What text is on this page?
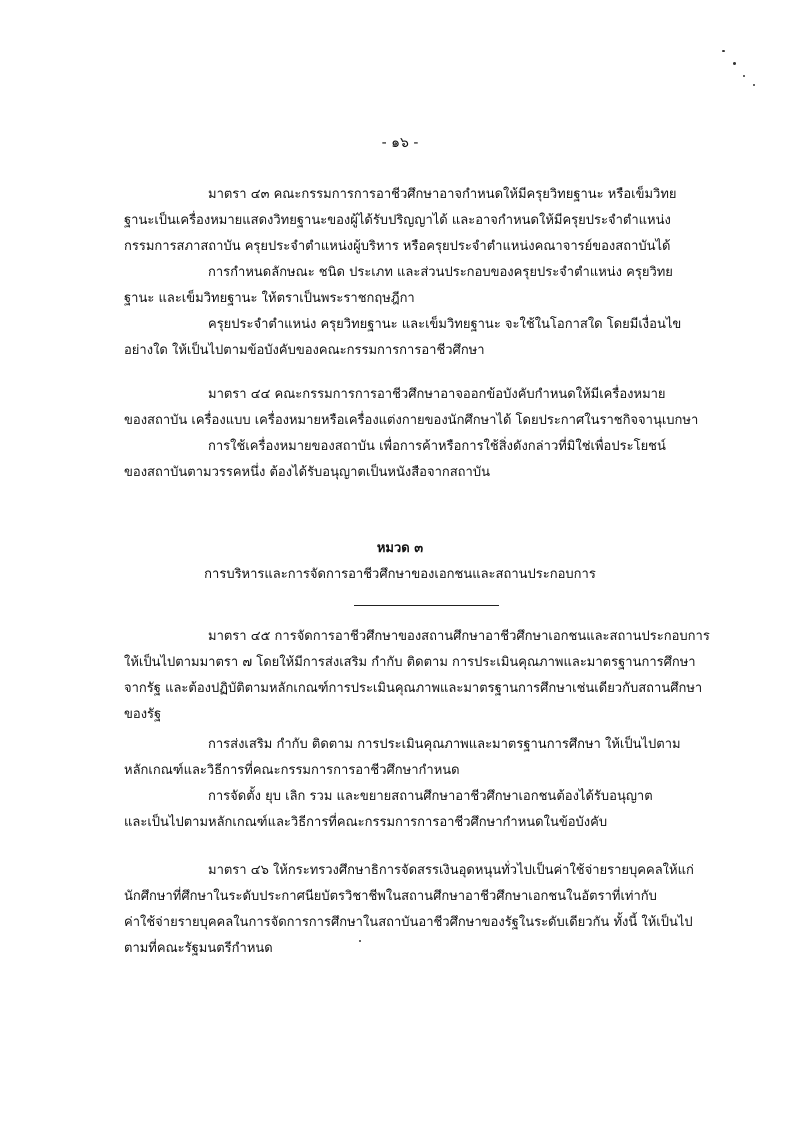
- ๑๖ -
มาตรา ๔๓ คณะกรรมการการอาชีวศึกษาอาจกำหนดให้มีครุยวิทยฐานะ หรือเข็มวิทย
ฐานะเป็นเครื่องหมายแสดงวิทยฐานะของผู้ได้รับปริญญาได้ และอาจกำหนดให้มีครุยประจำตำแหน่ง
กรรมการสภาสถาบัน ครุยประจำตำแหน่งผู้บริหาร หรือครุยประจำตำแหน่งคณาจารย์ของสถาบันได้
การกำหนดลักษณะ ชนิด ประเภท และส่วนประกอบของครุยประจำตำแหน่ง ครุยวิทย
ฐานะ และเข็มวิทยฐานะ ให้ตราเป็นพระราชกฤษฎีกา
ครุยประจำตำแหน่ง ครุยวิทยฐานะ และเข็มวิทยฐานะ จะใช้ในโอกาสใด โดยมีเงื่อนไข
อย่างใด ให้เป็นไปตามข้อบังคับของคณะกรรมการการอาชีวศึกษา
มาตรา ๔๔ คณะกรรมการการอาชีวศึกษาอาจออกข้อบังคับกำหนดให้มีเครื่องหมาย
ของสถาบัน เครื่องแบบ เครื่องหมายหรือเครื่องแต่งกายของนักศึกษาได้ โดยประกาศในราชกิจจานุเบกษา
การใช้เครื่องหมายของสถาบัน เพื่อการค้าหรือการใช้สิ่งดังกล่าวที่มิใช่เพื่อประโยชน์
ของสถาบันตามวรรคหนึ่ง ต้องได้รับอนุญาตเป็นหนังสือจากสถาบัน
หมวด ๓
การบริหารและการจัดการอาชีวศึกษาของเอกชนและสถานประกอบการ
มาตรา ๔๕ การจัดการอาชีวศึกษาของสถานศึกษาอาชีวศึกษาเอกชนและสถานประกอบการ
ให้เป็นไปตามมาตรา ๗ โดยให้มีการส่งเสริม กำกับ ติดตาม การประเมินคุณภาพและมาตรฐานการศึกษา
จากรัฐ และต้องปฏิบัติตามหลักเกณฑ์การประเมินคุณภาพและมาตรฐานการศึกษาเช่นเดียวกับสถานศึกษา
ของรัฐ
การส่งเสริม กำกับ ติดตาม การประเมินคุณภาพและมาตรฐานการศึกษา ให้เป็นไปตาม
หลักเกณฑ์และวิธีการที่คณะกรรมการการอาชีวศึกษากำหนด
การจัดตั้ง ยุบ เลิก รวม และขยายสถานศึกษาอาชีวศึกษาเอกชนต้องได้รับอนุญาต
และเป็นไปตามหลักเกณฑ์และวิธีการที่คณะกรรมการการอาชีวศึกษากำหนดในข้อบังคับ
มาตรา ๔๖ ให้กระทรวงศึกษาธิการจัดสรรเงินอุดหนุนทั่วไปเป็นค่าใช้จ่ายรายบุคคลให้แก่
นักศึกษาที่ศึกษาในระดับประกาศนียบัตรวิชาชีพในสถานศึกษาอาชีวศึกษาเอกชนในอัตราที่เท่ากับ
ค่าใช้จ่ายรายบุคคลในการจัดการการศึกษาในสถาบันอาชีวศึกษาของรัฐในระดับเดียวกัน ทั้งนี้ ให้เป็นไป
ตามที่คณะรัฐมนตรีกำหนด
